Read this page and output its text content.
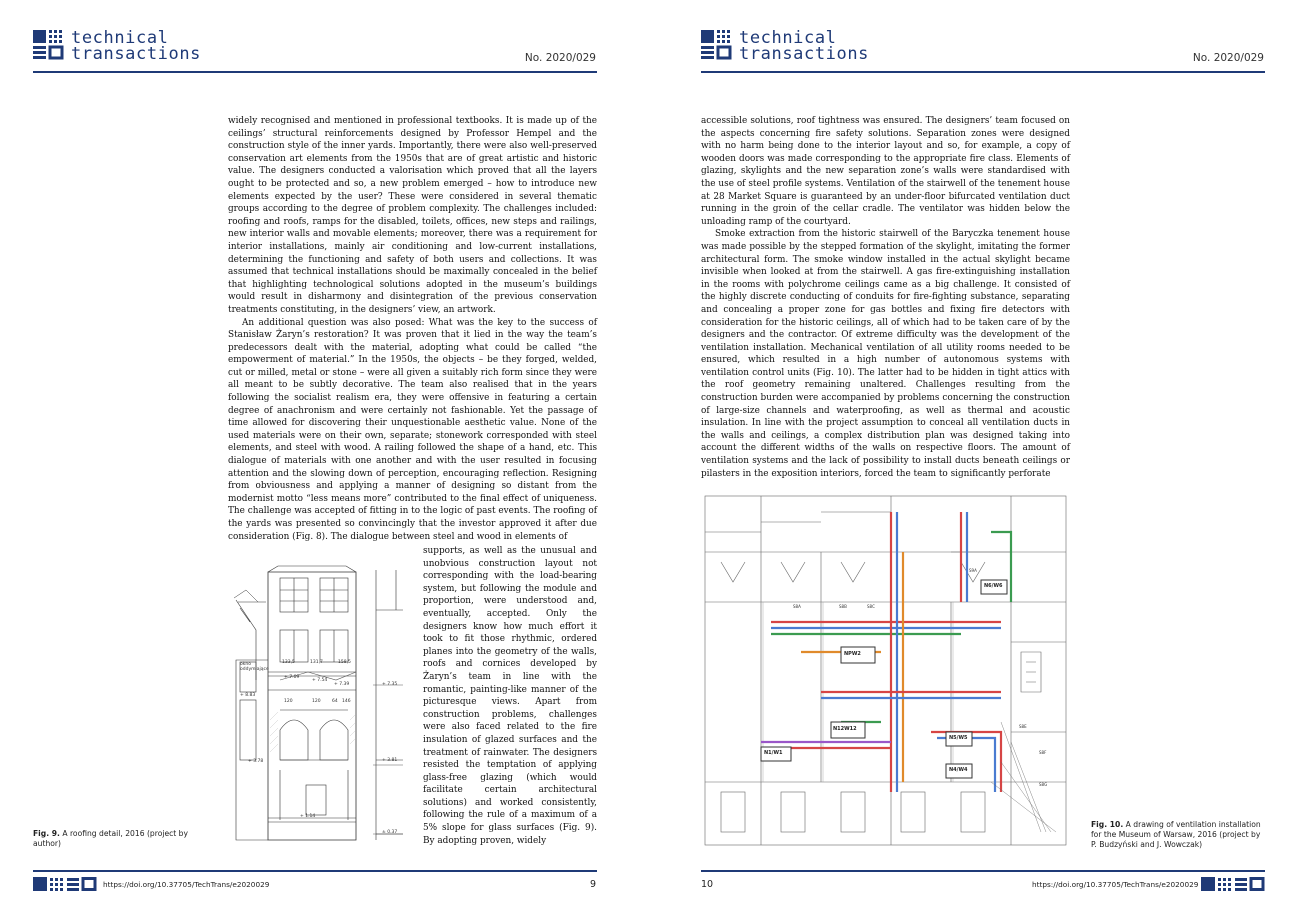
technical
transactions	No. 2020/029

widely recognised and mentioned in professional textbooks. It is made up of the ceilings’ structural reinforcements designed by Professor Hempel and the construction style of the inner yards. Importantly, there were also well-preserved conservation art elements from the 1950s that are of great artistic and historic value. The designers conducted a valorisation which proved that all the layers ought to be protected and so, a new problem emerged – how to introduce new elements expected by the user? These were considered in several thematic groups according to the degree of problem complexity. The challenges included: roofing and roofs, ramps for the disabled, toilets, offices, new steps and railings, new interior walls and movable elements; moreover, there was a requirement for interior installations, mainly air conditioning and low-current installations, determining the functioning and safety of both users and collections. It was assumed that technical installations should be maximally concealed in the belief that highlighting technological solutions adopted in the museum’s buildings would result in disharmony and disintegration of the previous conservation treatments constituting, in the designers’ view, an artwork.

An additional question was also posed: What was the key to the success of Stanisław Żaryn’s restoration? It was proven that it lied in the way the team’s predecessors dealt with the material, adopting what could be called “the empowerment of material.” In the 1950s, the objects – be they forged, welded, cut or milled, metal or stone – were all given a suitably rich form since they were all meant to be subtly decorative. The team also realised that in the years following the socialist realism era, they were offensive in featuring a certain degree of anachronism and were certainly not fashionable. Yet the passage of time allowed for discovering their unquestionable aesthetic value. None of the used materials were on their own, separate; stonework corresponded with steel elements, and steel with wood. A railing followed the shape of a hand, etc. This dialogue of materials with one another and with the user resulted in focusing attention and the slowing down of perception, encouraging reflection. Resigning from obviousness and applying a manner of designing so distant from the modernist motto “less means more” contributed to the final effect of uniqueness. The challenge was accepted of fitting in to the logic of past events. The roofing of the yards was presented so convincingly that the investor approved it after due consideration (Fig. 8). The dialogue between steel and wood in elements of

supports, as well as the unusual and unobvious construction layout not corresponding with the load-bearing system, but following the module and proportion, were understood and, eventually, accepted. Only the designers know how much effort it took to fit those rhythmic, ordered planes into the geometry of the walls, roofs and cornices developed by Żaryn’s team in line with the romantic, painting-like manner of the picturesque views. Apart from construction problems, challenges were also faced related to the fire insulation of glazed surfaces and the treatment of rainwater. The designers resisted the temptation of applying glass-free glazing (which would facilitate certain architectural solutions) and worked consistently, following the rule of a maximum of a 5% slope for glass surfaces (Fig. 9). By adopting proven, widely

okno
oddymiające
133,5	131,7	158,5
+ 7.69
+ 7.54
+ 7.39	+ 7.35
+ 8.83
120	120	64 146
+ 3.78	+ 3.81
+ 1.14
± 0.37
Fig. 9. A roofing detail, 2016 (project by author)
https://doi.org/10.37705/TechTrans/e2020029	9
technical
transactions	No. 2020/029

accessible solutions, roof tightness was ensured. The designers’ team focused on the aspects concerning fire safety solutions. Separation zones were designed with no harm being done to the interior layout and so, for example, a copy of wooden doors was made corresponding to the appropriate fire class. Elements of glazing, skylights and the new separation zone’s walls were standardised with the use of steel profile systems. Ventilation of the stairwell of the tenement house at 28 Market Square is guaranteed by an under-floor bifurcated ventilation duct running in the groin of the cellar cradle. The ventilator was hidden below the unloading ramp of the courtyard.

Smoke extraction from the historic stairwell of the Baryczka tenement house was made possible by the stepped formation of the skylight, imitating the former architectural form. The smoke window installed in the actual skylight became invisible when looked at from the stairwell. A gas fire-extinguishing installation in the rooms with polychrome ceilings came as a big challenge. It consisted of the highly discrete conducting of conduits for fire-fighting substance, separating and concealing a proper zone for gas bottles and fixing fire detectors with consideration for the historic ceilings, all of which had to be taken care of by the designers and the contractor. Of extreme difficulty was the development of the ventilation installation. Mechanical ventilation of all utility rooms needed to be ensured, which resulted in a high number of autonomous systems with ventilation control units (Fig. 10). The latter had to be hidden in tight attics with the roof geometry remaining unaltered. Challenges resulting from the construction burden were accompanied by problems concerning the construction of large-size channels and waterproofing, as well as thermal and acoustic insulation. In line with the project assumption to conceal all ventilation ducts in the walls and ceilings, a complex distribution plan was designed taking into account the different widths of the walls on respective floors. The amount of ventilation systems and the lack of possibility to install ducts beneath ceilings or pilasters in the exposition interiors, forced the team to significantly perforate

NPW2
N12W12
N1/W1
N5/W5
N4/W4
N6/W6
S8A	S8B	S8C
S9A
S8E
S8F
S8G
Fig. 10. A drawing of ventilation installation for the Museum of Warsaw, 2016 (project by P. Budzyński and J. Wowczak)
10	https://doi.org/10.37705/TechTrans/e2020029
